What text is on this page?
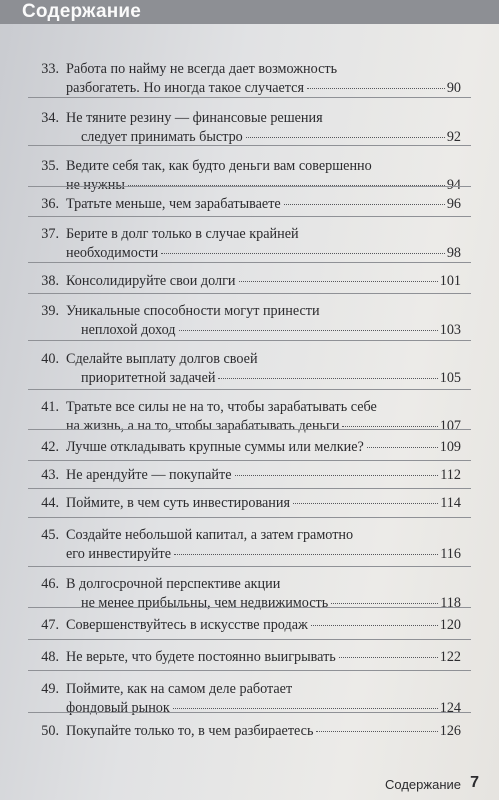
Содержание
33. Работа по найму не всегда дает возможность
разбогатеть. Но иногда такое случается	90
34. Не тяните резину — финансовые решения
следует принимать быстро	92
35. Ведите себя так, как будто деньги вам совершенно
не нужны	94
36. Тратьте меньше, чем зарабатываете	96
37. Берите в долг только в случае крайней
необходимости	98
38. Консолидируйте свои долги	101
39. Уникальные способности могут принести
неплохой доход	103
40. Сделайте выплату долгов своей
приоритетной задачей	105
41. Тратьте все силы не на то, чтобы зарабатывать себе
на жизнь, а на то, чтобы зарабатывать деньги	107
42. Лучше откладывать крупные суммы или мелкие?	109
43. Не арендуйте — покупайте	112
44. Поймите, в чем суть инвестирования	114
45. Создайте небольшой капитал, а затем грамотно
его инвестируйте	116
46. В долгосрочной перспективе акции
не менее прибыльны, чем недвижимость	118
47. Совершенствуйтесь в искусстве продаж	120
48. Не верьте, что будете постоянно выигрывать	122
49. Поймите, как на самом деле работает
фондовый рынок	124
50. Покупайте только то, в чем разбираетесь	126
Содержание 7
